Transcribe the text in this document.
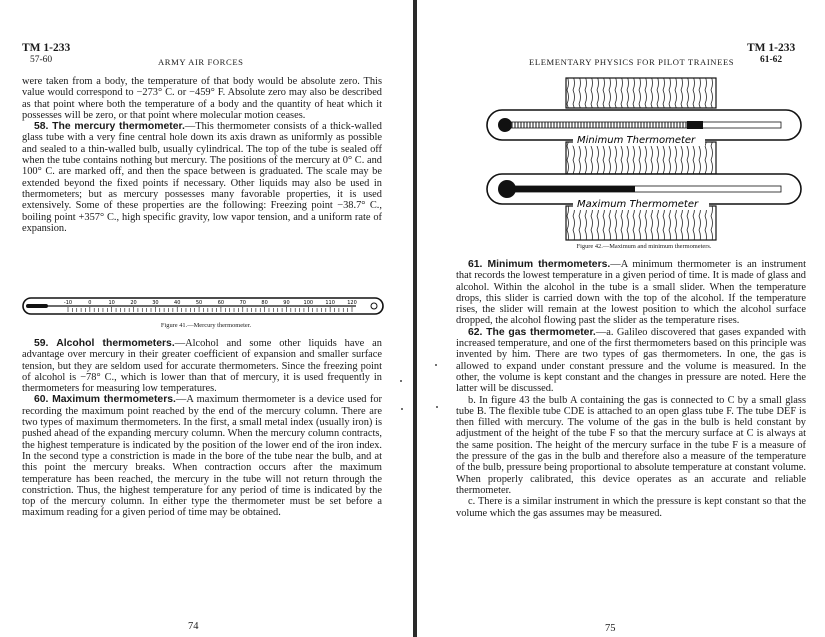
TM 1-233
57-60	ARMY AIR FORCES

were taken from a body, the temperature of that body would be absolute zero. This value would correspond to −273° C. or −459° F. Absolute zero may also be described as that point where both the temperature of a body and the quantity of heat which it possesses will be zero, or that point where molecular motion ceases.

58. The mercury thermometer.—This thermometer consists of a thick-walled glass tube with a very fine central hole down its axis drawn as uniformly as possible and sealed to a thin-walled bulb, usually cylindrical. The top of the tube is sealed off when the tube contains nothing but mercury. The positions of the mercury at 0° C. and 100° C. are marked off, and then the space between is graduated. The scale may be extended beyond the fixed points if necessary. Other liquids may also be used in thermometers; but as mercury possesses many favorable properties, it is used extensively. Some of these properties are the following: Freezing point −38.7° C., boiling point +357° C., high specific gravity, low vapor tension, and a uniform rate of expansion.

-10	0	10	20	30	40	50	60	70	80	90	100 110 120
Figure 41.—Mercury thermometer.

59. Alcohol thermometers.—Alcohol and some other liquids have an advantage over mercury in their greater coefficient of expansion and smaller surface tension, but they are seldom used for accurate thermometers. Since the freezing point of alcohol is −78° C., which is lower than that of mercury, it is used frequently in thermometers for measuring low temperatures.

60. Maximum thermometers.—A maximum thermometer is a device used for recording the maximum point reached by the end of the mercury column. There are two types of maximum thermometers. In the first, a small metal index (usually iron) is pushed ahead of the expanding mercury column. When the mercury column contracts, the highest temperature is indicated by the position of the lower end of the iron index. In the second type a constriction is made in the bore of the tube near the bulb, and at this point the mercury breaks. When contraction occurs after the maximum temperature has been reached, the mercury in the tube will not return through the constriction. Thus, the highest temperature for any period of time is indicated by the top of the mercury column. In either type the thermometer must be set before a maximum reading for a given period of time may be obtained.

74
TM 1-233
ELEMENTARY PHYSICS FOR PILOT TRAINEES	61-62
Minimum Thermometer
Maximum Thermometer
Figure 42.—Maximum and minimum thermometers.

61. Minimum thermometers.—A minimum thermometer is an instrument that records the lowest temperature in a given period of time. It is made of glass and alcohol. Within the alcohol in the tube is a small slider. When the temperature drops, this slider is carried down with the top of the alcohol. If the temperature rises, the slider will remain at the lowest position to which the alcohol surface dropped, the alcohol flowing past the slider as the temperature rises.

62. The gas thermometer.—a. Galileo discovered that gases expanded with increased temperature, and one of the first thermometers based on this principle was invented by him. There are two types of gas thermometers. In one, the gas is allowed to expand under constant pressure and the volume is measured. In the other, the volume is kept constant and the changes in pressure are noted. Here the latter will be discussed.

b. In figure 43 the bulb A containing the gas is connected to C by a small glass tube B. The flexible tube CDE is attached to an open glass tube F. The tube DEF is then filled with mercury. The volume of the gas in the bulb is held constant by adjustment of the height of the tube F so that the mercury surface at C is always at the same position. The height of the mercury surface in the tube F is a measure of the pressure of the gas in the bulb and therefore also a measure of the temperature of the bulb, pressure being proportional to absolute temperature at constant volume. When properly calibrated, this device operates as an accurate and reliable thermometer.

c. There is a similar instrument in which the pressure is kept constant so that the volume which the gas assumes may be measured.

75
